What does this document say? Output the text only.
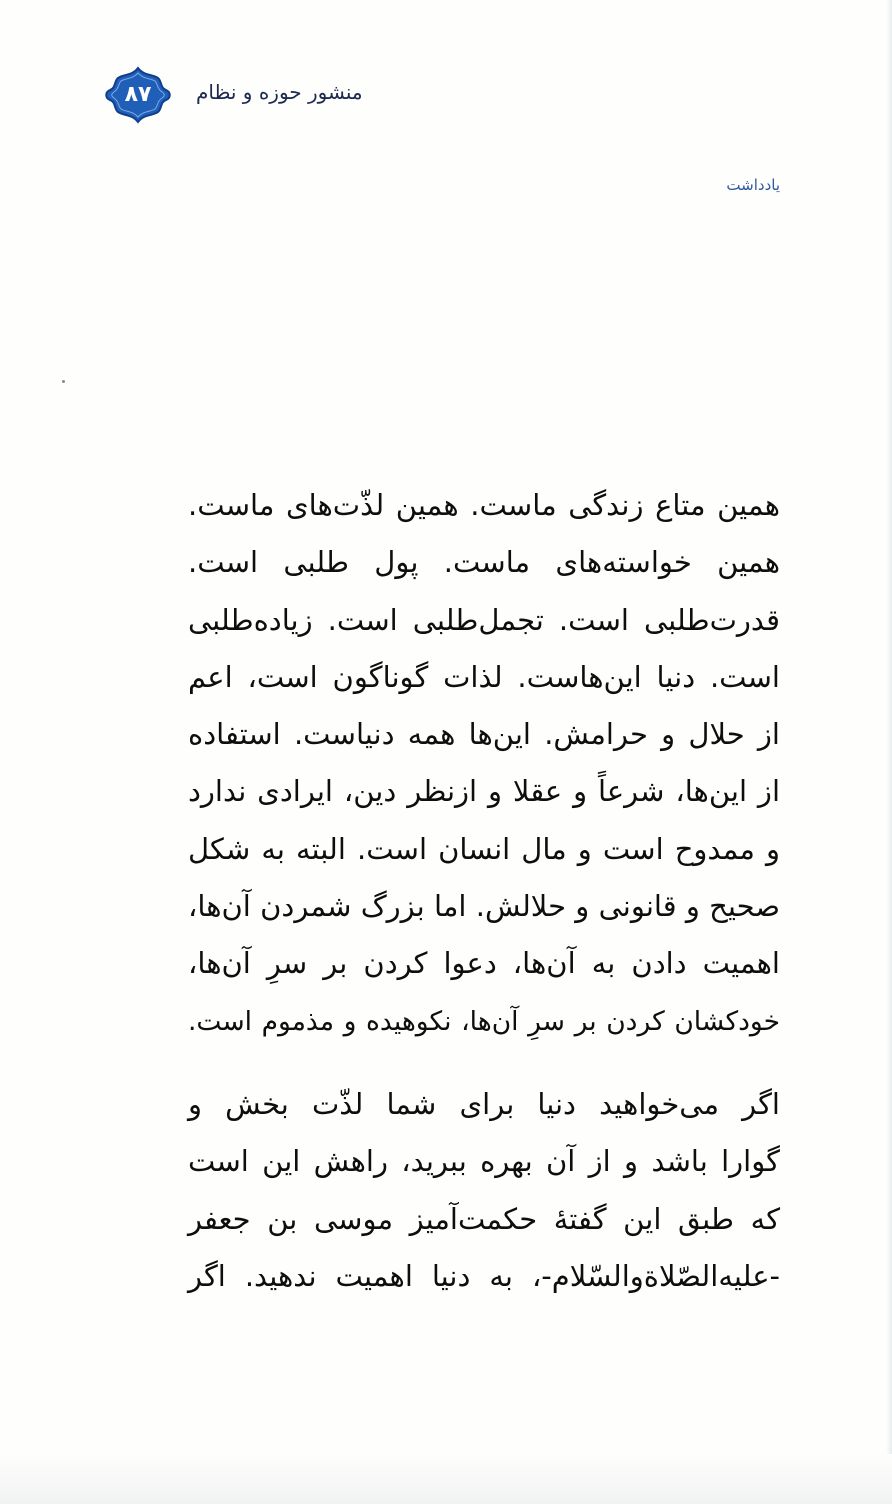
۸۷	منشور حوزه و نظام
یادداشت
همین متاع زندگی ماست. همین لذّت‌های ماست.
همین خواسته‌های ماست. پول طلبی است.
قدرت‌طلبی است. تجمل‌طلبی است. زیاده‌طلبی
است. دنیا این‌هاست. لذات گوناگون است، اعم
از حلال و حرامش. این‌ها همه دنیاست. استفاده
از این‌ها، شرعاً و عقلا و ازنظر دین، ایرادی ندارد
و ممدوح است و مال انسان است. البته به شکل
صحیح و قانونی و حلالش. اما بزرگ شمردن آن‌ها،
اهمیت دادن به آن‌ها، دعوا کردن بر سرِ آن‌ها،
خودکشان کردن بر سرِ آن‌ها، نکوهیده و مذموم است.
اگر می‌خواهید دنیا برای شما لذّت بخش و
گوارا باشد و از آن بهره ببرید، راهش این است
که طبق این گفتهٔ حکمت‌آمیز موسی بن جعفر
-علیه‌الصّلاة‌والسّلام-، به دنیا اهمیت ندهید. اگر
